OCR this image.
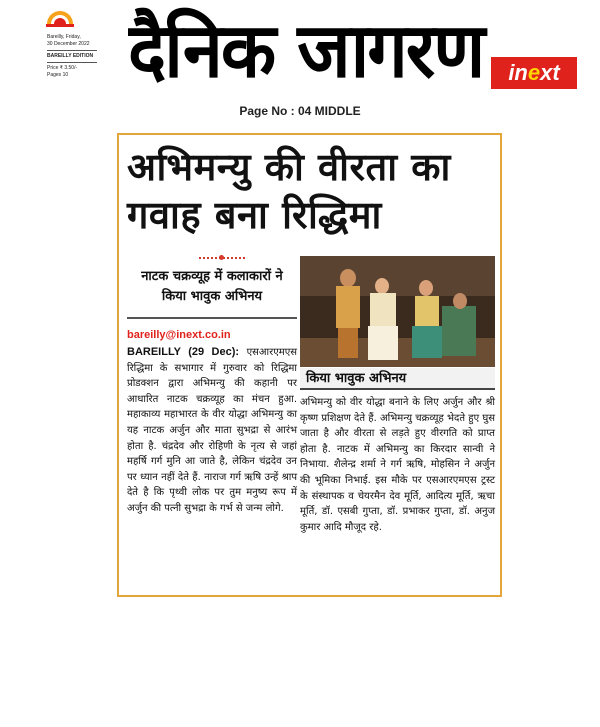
Bareilly, Friday,
30 December 2022
BAREILLY EDITION
Price ₹ 3.50/-
Pages 10 दैनिक जागरण	inext
Page No : 04 MIDDLE
अभिमन्यु की वीरता का गवाह बना रिद्धिमा
नाटक चक्रव्यूह में कलाकारों ने किया भावुक अभिनय
किया भावुक अभिनय
bareilly@inext.co.in
BAREILLY (29 Dec): एसआरएमएस रिद्धिमा के सभागार में गुरुवार को रिद्धिमा प्रोडक्शन द्वारा अभिमन्यु की कहानी पर आधारित नाटक चक्रव्यूह का मंचन हुआ. महाकाव्य महाभारत के वीर योद्धा अभिमन्यु का यह नाटक अर्जुन और माता सुभद्रा से आरंभ होता है. चंद्रदेव और रोहिणी के नृत्य से जहां महर्षि गर्ग मुनि आ जाते है, लेकिन चंद्रदेव उन पर ध्यान नहीं देते हैं. नाराज गर्ग ऋषि उन्हें श्राप देते है कि पृथ्वी लोक पर तुम मनुष्य रूप में अर्जुन की पत्नी सुभद्रा के गर्भ से जन्म लोगे.
अभिमन्यु को वीर योद्धा बनाने के लिए अर्जुन और श्री कृष्ण प्रशिक्षण देते हैं. अभिमन्यु चक्रव्यूह भेदते हुए घुस जाता है और वीरता से लड़ते हुए वीरगति को प्राप्त होता है. नाटक में अभिमन्यु का किरदार सान्वी ने निभाया. शैलेन्द्र शर्मा ने गर्ग ऋषि, मोहसिन ने अर्जुन की भूमिका निभाई. इस मौके पर एसआरएमएस ट्रस्ट के संस्थापक व चेयरमैन देव मूर्ति, आदित्य मूर्ति, ऋचा मूर्ति, डॉ. एसबी गुप्ता, डॉ. प्रभाकर गुप्ता, डॉ. अनुज कुमार आदि मौजूद रहे.
